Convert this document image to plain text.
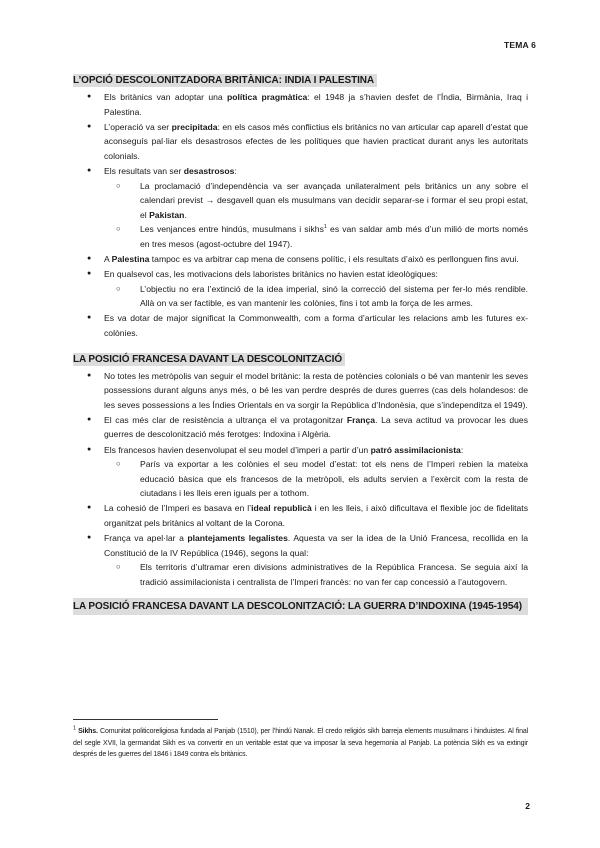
TEMA 6
L’OPCIÓ DESCOLONITZADORA BRITÀNICA: INDIA I PALESTINA
● Els britànics van adoptar una política pragmàtica: el 1948 ja s’havien desfet de l’Índia, Birmània, Iraq i Palestina.
● L’operació va ser precipitada: en els casos més conflictius els britànics no van articular cap aparell d’estat que aconseguís pal·liar els desastrosos efectes de les polítiques que havien practicat durant anys les autoritats colonials.
● Els resultats van ser desastrosos:
○ La proclamació d’independència va ser avançada unilateralment pels britànics un any sobre el calendari previst → desgavell quan els musulmans van decidir separar-se i formar el seu propi estat, el Pakistan.
○ Les venjances entre hindús, musulmans i sikhs$^1$ es van saldar amb més d’un milió de morts només en tres mesos (agost-octubre del 1947).
● A Palestina tampoc es va arbitrar cap mena de consens polític, i els resultats d’això es perllonguen fins avui.
● En qualsevol cas, les motivacions dels laboristes britànics no havien estat ideològiques:
○ L’objectiu no era l’extinció de la idea imperial, sinó la correcció del sistema per fer-lo més rendible. Allà on va ser factible, es van mantenir les colònies, fins i tot amb la força de les armes.
● Es va dotar de major significat la Commonwealth, com a forma d’articular les relacions amb les futures ex-colònies.
LA POSICIÓ FRANCESA DAVANT LA DESCOLONITZACIÓ
● No totes les metròpolis van seguir el model britànic: la resta de potències colonials o bé van mantenir les seves possessions durant alguns anys més, o bé les van perdre després de dures guerres (cas dels holandesos: de les seves possessions a les Índies Orientals en va sorgir la República d’Indonèsia, que s’independitza el 1949).
● El cas més clar de resistència a ultrança el va protagonitzar França. La seva actitud va provocar les dues guerres de descolonització més ferotges: Indoxina i Algèria.
● Els francesos havien desenvolupat el seu model d’imperi a partir d’un patró assimilacionista:
○ París va exportar a les colònies el seu model d’estat: tot els nens de l’Imperi rebien la mateixa educació bàsica que els francesos de la metròpoli, els adults servien a l’exèrcit com la resta de ciutadans i les lleis eren iguals per a tothom.
● La cohesió de l’Imperi es basava en l’ideal republicà i en les lleis, i això dificultava el flexible joc de fidelitats organitzat pels britànics al voltant de la Corona.
● França va apel·lar a plantejaments legalistes. Aquesta va ser la idea de la Unió Francesa, recollida en la Constitució de la IV República (1946), segons la qual:
○ Els territoris d’ultramar eren divisions administratives de la República Francesa. Se seguia així la tradició assimilacionista i centralista de l’Imperi francès: no van fer cap concessió a l’autogovern.
LA POSICIÓ FRANCESA DAVANT LA DESCOLONITZACIÓ: LA GUERRA D’INDOXINA (1945-1954)
$^1$ Sikhs. Comunitat politicoreligiosa fundada al Panjab (1510), per l’hindú Nanak. El credo religiós sikh barreja elements musulmans i hinduistes. Al final del segle XVII, la germandat Sikh es va convertir en un veritable estat que va imposar la seva hegemonia al Panjab. La potència Sikh es va extingir després de les guerres del 1846 i 1849 contra els britànics.
2
